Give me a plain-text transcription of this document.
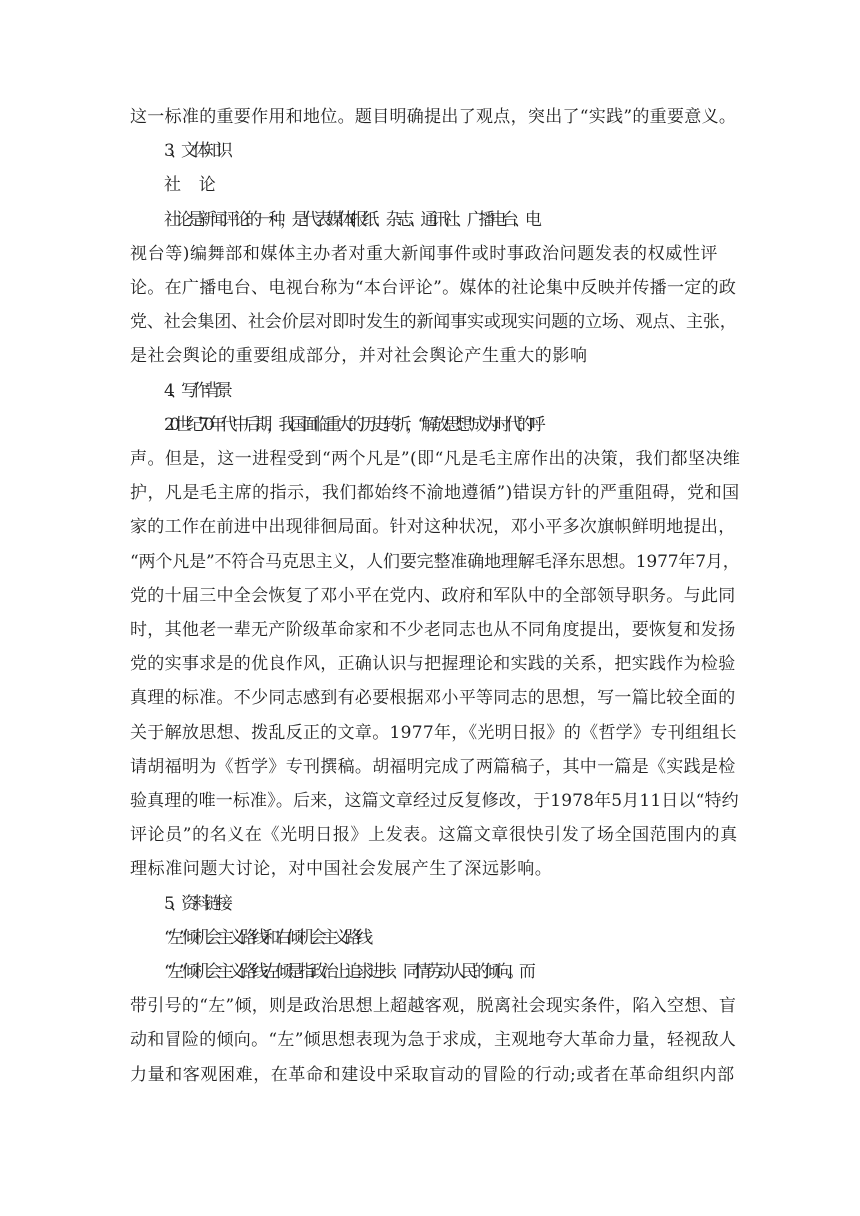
这一标准的重要作用和地位。题目明确提出了观点，突出了“实践”的重要意义。
3、文体知识
社　　论
社论是新闻评论的一种，是代表媒体(报纸、杂志、通讯社、广播电台、电
视台等)编舞部和媒体主办者对重大新闻事件或时事政治问题发表的权威性评
论。在广播电台、电视台称为“本台评论”。媒体的社论集中反映并传播一定的政
党、社会集团、社会价层对即时发生的新闻事实或现实问题的立场、观点、主张，
是社会舆论的重要组成部分，并对社会舆论产生重大的影响
4、写作背景
20世纪70年代中后期，我国面临重大的历史转折，“解放思想”成为时代的呼
声。但是，这一进程受到“两个凡是”(即“凡是毛主席作出的决策，我们都坚决维
护，凡是毛主席的指示，我们都始终不渝地遵循”)错误方针的严重阻碍，党和国
家的工作在前进中出现徘徊局面。针对这种状况，邓小平多次旗帜鲜明地提出，
“两个凡是”不符合马克思主义，人们要完整准确地理解毛泽东思想。1977年7月，
党的十届三中全会恢复了邓小平在党内、政府和军队中的全部领导职务。与此同
时，其他老一辈无产阶级革命家和不少老同志也从不同角度提出，要恢复和发扬
党的实事求是的优良作风，正确认识与把握理论和实践的关系，把实践作为检验
真理的标准。不少同志感到有必要根据邓小平等同志的思想，写一篇比较全面的
关于解放思想、拨乱反正的文章。1977年，《光明日报》的《哲学》专刊组组长
请胡福明为《哲学》专刊撰稿。胡福明完成了两篇稿子，其中一篇是《实践是检
验真理的唯一标准》。后来，这篇文章经过反复修改，于1978年5月11日以“特约
评论员”的名义在《光明日报》上发表。这篇文章很快引发了场全国范围内的真
理标准问题大讨论，对中国社会发展产生了深远影响。
5、资料链接
“左”倾机会主义路线和右倾机会主义路线
“左”倾机会主义路线:左倾是指政治上追求进步、同情劳动人民的倾向。而
带引号的“左”倾，则是政治思想上超越客观，脱离社会现实条件，陷入空想、盲
动和冒险的倾向。“左”倾思想表现为急于求成，主观地夸大革命力量，轻视敌人
力量和客观困难，在革命和建设中采取盲动的冒险的行动;或者在革命组织内部
